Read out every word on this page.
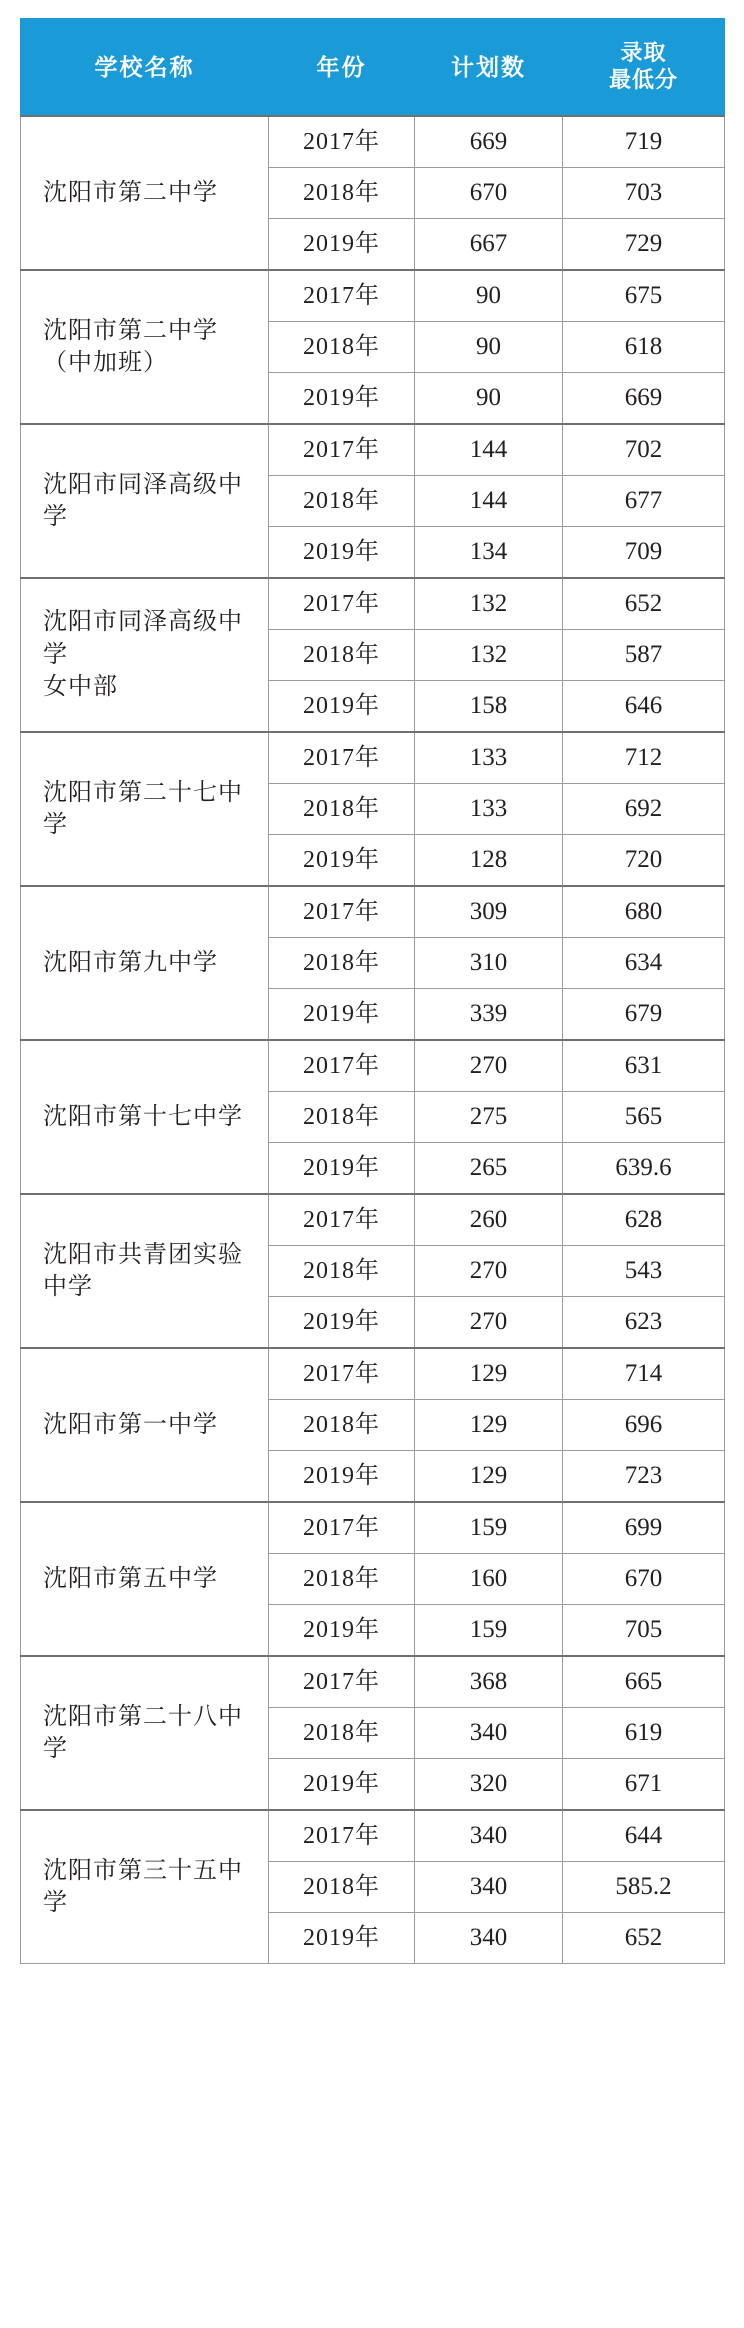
学校名称	年份	计划数	录取
最低分

沈阳市第二中学	2017年	669	719
	2018年	670	703
	2019年	667	729

沈阳市第二中学
（中加班）	2017年	90	675
	2018年	90	618
	2019年	90	669

沈阳市同泽高级中学	2017年	144	702
	2018年	144	677
	2019年	134	709

沈阳市同泽高级中学
女中部	2017年	132	652
	2018年	132	587
	2019年	158	646

沈阳市第二十七中学	2017年	133	712
	2018年	133	692
	2019年	128	720

沈阳市第九中学	2017年	309	680
	2018年	310	634
	2019年	339	679

沈阳市第十七中学	2017年	270	631
	2018年	275	565
	2019年	265	639.6

沈阳市共青团实验
中学	2017年	260	628
	2018年	270	543
	2019年	270	623

沈阳市第一中学	2017年	129	714
	2018年	129	696
	2019年	129	723

沈阳市第五中学	2017年	159	699
	2018年	160	670
	2019年	159	705

沈阳市第二十八中学	2017年	368	665
	2018年	340	619
	2019年	320	671

沈阳市第三十五中学	2017年	340	644
	2018年	340	585.2
	2019年	340	652
